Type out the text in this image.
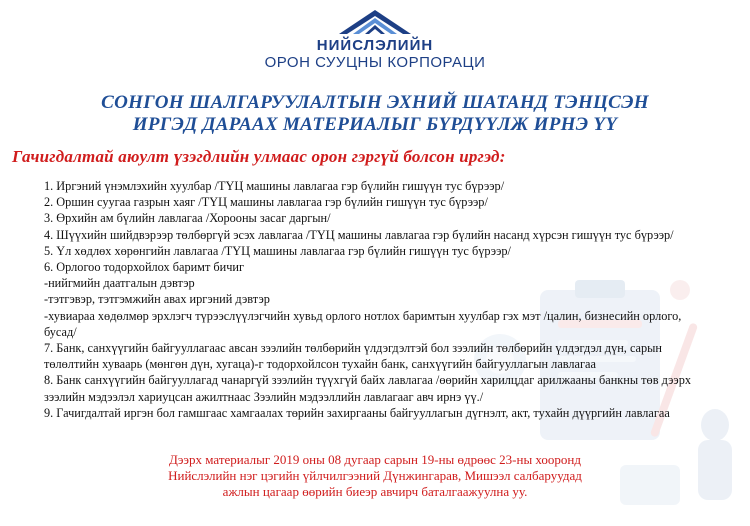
НИЙСЛЭЛИЙН
ОРОН СУУЦНЫ КОРПОРАЦИ
СОНГОН ШАЛГАРУУЛАЛТЫН ЭХНИЙ ШАТАНД ТЭНЦСЭН
ИРГЭД ДАРААХ МАТЕРИАЛЫГ БҮРДҮҮЛЖ ИРНЭ ҮҮ
Гачигдалтай аюулт үзэгдлийн улмаас орон гэргүй болсон иргэд:

1. Иргэний үнэмлэхийн хуулбар /ТҮЦ машины лавлагаа гэр бүлийн гишүүн тус бүрээр/

2. Оршин суугаа газрын хаяг /ТҮЦ машины лавлагаа гэр бүлийн гишүүн тус бүрээр/

3. Өрхийн ам бүлийн лавлагаа /Хорооны засаг даргын/

4. Шүүхийн шийдвэрээр төлбөргүй эсэх лавлагаа /ТҮЦ машины лавлагаа гэр бүлийн насанд хүрсэн гишүүн тус бүрээр/

5. Үл хөдлөх хөрөнгийн лавлагаа /ТҮЦ машины лавлагаа гэр бүлийн гишүүн тус бүрээр/

6. Орлогоо тодорхойлох баримт бичиг

-нийгмийн даатгалын дэвтэр

-тэтгэвэр, тэтгэмжийн авах иргэний дэвтэр

-хувиараа хөдөлмөр эрхлэгч түрээслүүлэгчийн хувьд орлого нотлох баримтын хуулбар гэх мэт /цалин, бизнесийн орлого, бусад/

7. Банк, санхүүгийн байгууллагаас авсан зээлийн төлбөрийн үлдэгдэлтэй бол зээлийн төлбөрийн үлдэгдэл дүн, сарын төлөлтийн хуваарь (мөнгөн дүн, хугаца)-г тодорхойлсон тухайн банк, санхүүгийн байгууллагын лавлагаа

8. Банк санхүүгийн байгууллагад чанаргүй зээлийн түүхгүй байх лавлагаа /өөрийн харилцдаг арилжааны банкны төв дээрх зээлийн мэдээлэл хариуцсан ажилтнаас Зээлийн мэдээллийн лавлагааг авч ирнэ үү./

9. Гачигдалтай иргэн бол гамшгаас хамгаалах төрийн захиргааны байгууллагын дүгнэлт, акт, тухайн дүүргийн лавлагаа

Дээрх материалыг 2019 оны 08 дугаар сарын 19-ны өдрөөс 23-ны хооронд
Нийслэлийн нэг цэгийн үйлчилгээний Дүнжингарав, Мишээл салбаруудад
ажлын цагаар өөрийн биеэр авчирч баталгаажуулна уу.
